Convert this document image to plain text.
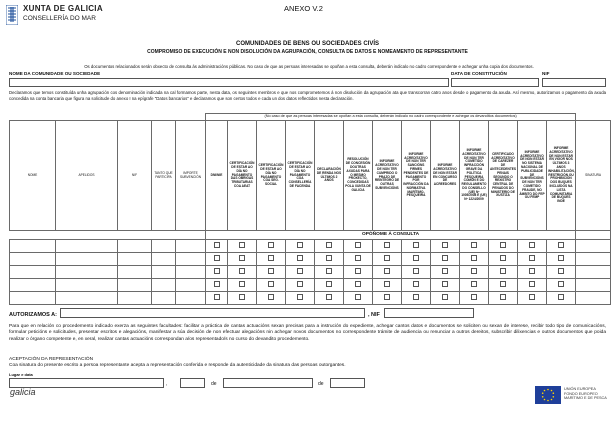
XUNTA DE GALICIA
CONSELLERÍA DO MAR
ANEXO V.2
COMUNIDADES DE BENS OU SOCIEDADES CIVÍS
COMPROMISO DE EXECUCIÓN E NON DISOLUCIÓN DA AGRUPACIÓN, CONSULTA DE DATOS E NOMEAMENTO DE REPRESENTANTE
Os documentos relacionados serán obxecto de consulta ás administracións públicas. No caso de que as persoas interesadas se opoñan a esta consulta, deberán indicalo no cadro correspondente e achegar unha copia dos documentos.
NOME DA COMUNIDADE OU SOCIEDADE	DATA DE CONSTITUCIÓN	NIF
Declaramos que temos constituída unha agrupación cos denominación indicada na cal formamos parte, nesta data, os seguintes membros e que nos comprometemos á non disolución da agrupación ata que transcorran catro anos desde o pagamento da axuda. Así mesmo, autorizamos o pagamento da axuda concedida na conta bancaria que figura na solicitude do anexo I na epígrafe "Datos bancarios" e declaramos que son certos todos e cada un dos datos reflectidos nesta declaración.
					(No caso de que as persoas interesadas se opoñan a esta consulta, deberán indicalo no cadro correspondente e achegar os devanditos documentos)													
NOME	APELIDOS	NIF	TANTO QUE PARTICIPA	IMPORTE SUBVENCIÓN	DNI/NIE	CERTIFICACIÓN DE ESTAR AO DÍA NO PAGAMENTO DAS OBRIGAS TRIBUTARIAS COA AEAT	CERTIFICACIÓN DE ESTAR AO DÍA NO PAGAMENTO COA SEG. SOCIAL	CERTIFICACIÓN DE ESTAR AO DÍA NO PAGAMENTO COA CONSELLERÍA DE FACENDA	DECLARACIÓN DE RENDA NOS ÚLTIMOS 2 ANOS	RESOLUCIÓN DE CONCESIÓN DOUTRAS AXUDAS PARA O MESMO PROXECTO, CONCEDIDAS POLA XUNTA DE GALICIA	INFORME ACREDITATIVO DE NON TER CUMPRIDO O PRAZO DE REINTEGRO DE OUTRAS SUBVENCIÓNS	INFORME ACREDITATIVO DE NON TER SANCIÓNS FIRMES PENDENTES DE PAGAMENTO POR INFRACCIÓN DA NORMATIVA MARÍTIMO-PESQUEIRA	INFORME ACREDITATIVO DE NON ESTAR EN CONCURSO DE ACREEDORES	INFORME ACREDITATIVO DE NON TER COMETIDO INFRACCIÓN GRAVE DA POLÍTICA PESQUEIRA COMÚN E DO REGULAMENTO DO CONSELLO (UE) Nº 1005/2008 E (UE) Nº 1224/2009	CERTIFICADO ACREDITATIVO DE CAREZER DE ANTECEDENTES PENAIS SEGUNDO O REXISTRO CENTRAL DE PENADOS DO MINISTERIO DE XUSTIZA	INFORME ACREDITATIVO DE NON ESTAR NO SISTEMA NACIONAL DE PUBLICIDADE DE SUBVENCIÓNS DE NON TER COMETIDO FRAUDE, NO ÁMBITO DO FEP OU FEMP	INFORME ACREDITATIVO DE NON ESTAR EN VIGOR NOS ÚLTIMOS 3 ANOS INHABILITACIÓN, RESTRICIÓN OU PROHIBICIÓN DOS BUQUES INCLUÍDOS NA LISTA COMUNITARIA DE BUQUES INDE	SINATURA
					OPÓÑOME Á CONSULTA													

AUTORIZAMOS A:	, NIF
Para que en relación co procedemento indicado exerza as seguintes facultades: facilitar a práctica de cantas actuacións sexan precisas para a instrución do expediente, achegar cantos datos e documentos se soliciten ou sexan de interese, recibir todo tipo de comunicacións, formular peticións e solicitudes, presentar escritos e alegacións, manifestar a súa decisión de non efectuar alegacións nin achegar novos documentos no correspondente trámite de audiencia ou renunciar a outros dereitos, subscribir dilixencias e outros documentos que poida realizar o órgano competente e, en xeral, realizar cantas actuacións correspondan a/os representado/s no curso do devandito procedemento.
ACEPTACIÓN DA REPRESENTACIÓN
Coa sinatura do presente escrito a persoa representante acepta a representación conferida e responde da autenticidade da sinatura das persoas outorgantes.
Lugar e data
,	de	de
galicia	UNIÓN EUROPEA
FONDO EUROPEO
MARÍTIMO E DE PESCA
